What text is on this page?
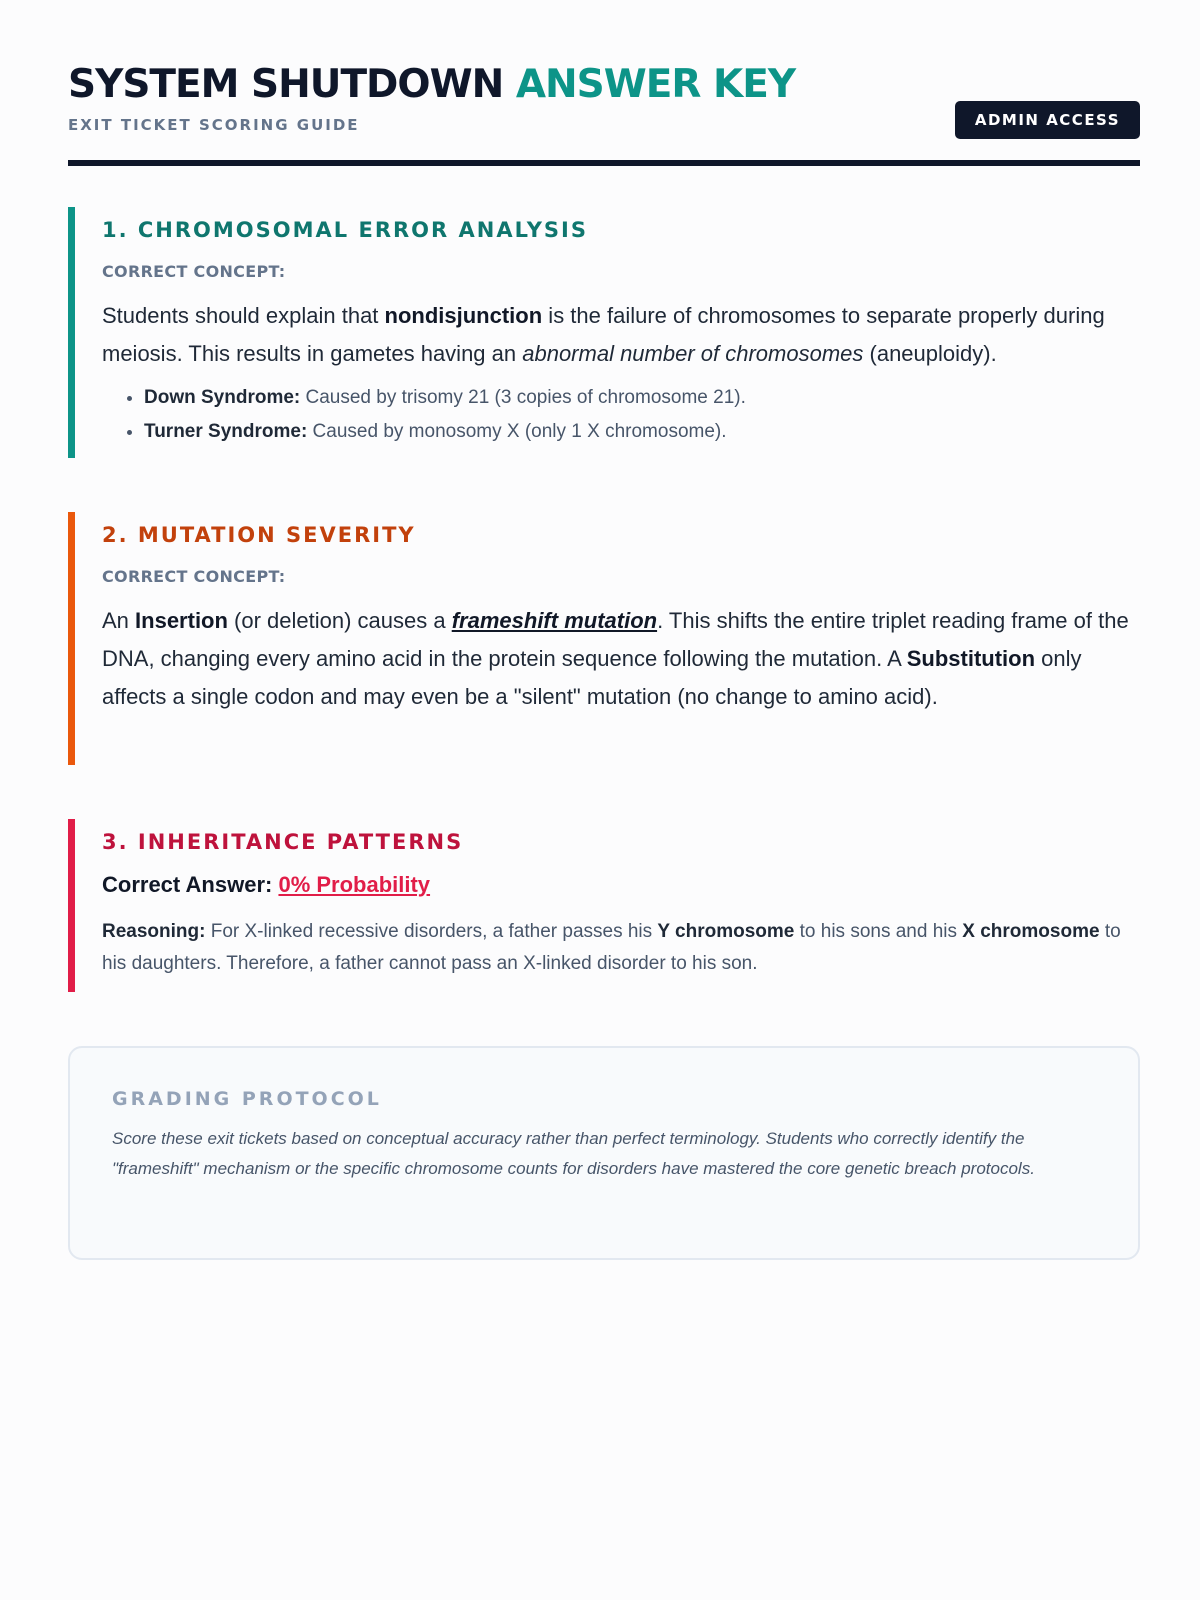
SYSTEM SHUTDOWN ANSWER KEY
EXIT TICKET SCORING GUIDE	ADMIN ACCESS
1. CHROMOSOMAL ERROR ANALYSIS
CORRECT CONCEPT:
Students should explain that nondisjunction is the failure of chromosomes to separate properly during meiosis. This results in gametes having an abnormal number of chromosomes (aneuploidy).
• Down Syndrome: Caused by trisomy 21 (3 copies of chromosome 21).
• Turner Syndrome: Caused by monosomy X (only 1 X chromosome).
2. MUTATION SEVERITY
CORRECT CONCEPT:
An Insertion (or deletion) causes a frameshift mutation. This shifts the entire triplet reading frame of the DNA, changing every amino acid in the protein sequence following the mutation. A Substitution only affects a single codon and may even be a "silent" mutation (no change to amino acid).
3. INHERITANCE PATTERNS
Correct Answer: 0% Probability
Reasoning: For X-linked recessive disorders, a father passes his Y chromosome to his sons and his X chromosome to his daughters. Therefore, a father cannot pass an X-linked disorder to his son.
GRADING PROTOCOL
Score these exit tickets based on conceptual accuracy rather than perfect terminology. Students who correctly identify the "frameshift" mechanism or the specific chromosome counts for disorders have mastered the core genetic breach protocols.
